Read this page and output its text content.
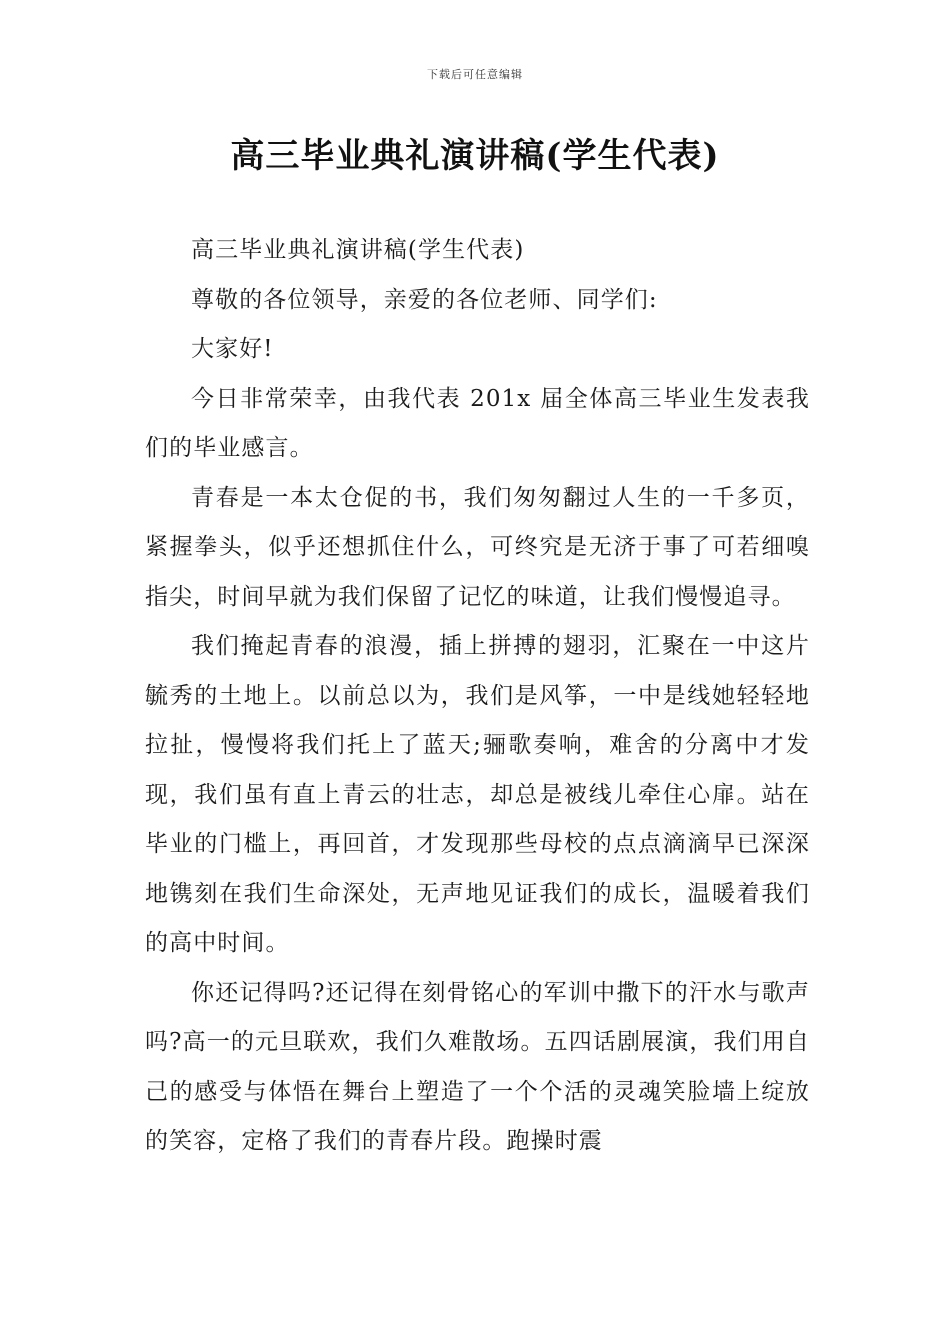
下载后可任意编辑
高三毕业典礼演讲稿(学生代表)

高三毕业典礼演讲稿(学生代表)

尊敬的各位领导，亲爱的各位老师、同学们:

大家好!

今日非常荣幸，由我代表 201x 届全体高三毕业生发表我们的毕业感言。

青春是一本太仓促的书，我们匆匆翻过人生的一千多页，紧握拳头，似乎还想抓住什么，可终究是无济于事了可若细嗅指尖，时间早就为我们保留了记忆的味道，让我们慢慢追寻。

我们掩起青春的浪漫，插上拼搏的翅羽，汇聚在一中这片毓秀的土地上。以前总以为，我们是风筝，一中是线她轻轻地拉扯，慢慢将我们托上了蓝天;骊歌奏响，难舍的分离中才发现，我们虽有直上青云的壮志，却总是被线儿牵住心扉。站在毕业的门槛上，再回首，才发现那些母校的点点滴滴早已深深地镌刻在我们生命深处，无声地见证我们的成长，温暖着我们的高中时间。

你还记得吗?还记得在刻骨铭心的军训中撒下的汗水与歌声吗?高一的元旦联欢，我们久难散场。五四话剧展演，我们用自己的感受与体悟在舞台上塑造了一个个活的灵魂笑脸墙上绽放的笑容，定格了我们的青春片段。跑操时震
